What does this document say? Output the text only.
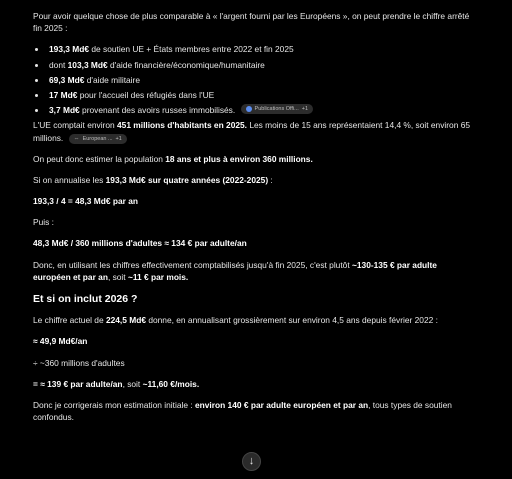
Pour avoir quelque chose de plus comparable à « l'argent fourni par les Européens », on peut prendre le chiffre arrêté fin 2025 :

• 193,3 Md€ de soutien UE + États membres entre 2022 et fin 2025
• dont 103,3 Md€ d'aide financière/économique/humanitaire
• 69,3 Md€ d'aide militaire
• 17 Md€ pour l'accueil des réfugiés dans l'UE
• 3,7 Md€ provenant des avoirs russes immobilisés.	Publications Offi... +1

L'UE comptait environ 451 millions d'habitants en 2025. Les moins de 15 ans représentaient 14,4 %, soit environ 65 millions. ⇔ European ... +1

On peut donc estimer la population 18 ans et plus à environ 360 millions.

Si on annualise les 193,3 Md€ sur quatre années (2022-2025) :

193,3 / 4 = 48,3 Md€ par an

Puis :

48,3 Md€ / 360 millions d'adultes ≈ 134 € par adulte/an

Donc, en utilisant les chiffres effectivement comptabilisés jusqu'à fin 2025, c'est plutôt ~130-135 € par adulte européen et par an, soit ~11 € par mois.

Et si on inclut 2026 ?

Le chiffre actuel de 224,5 Md€ donne, en annualisant grossièrement sur environ 4,5 ans depuis février 2022 :

≈ 49,9 Md€/an

÷ ~360 millions d'adultes

= ≈ 139 € par adulte/an, soit ~11,60 €/mois.

Donc je corrigerais mon estimation initiale : environ 140 € par adulte européen et par an, tous types de soutien confondus.

↓
